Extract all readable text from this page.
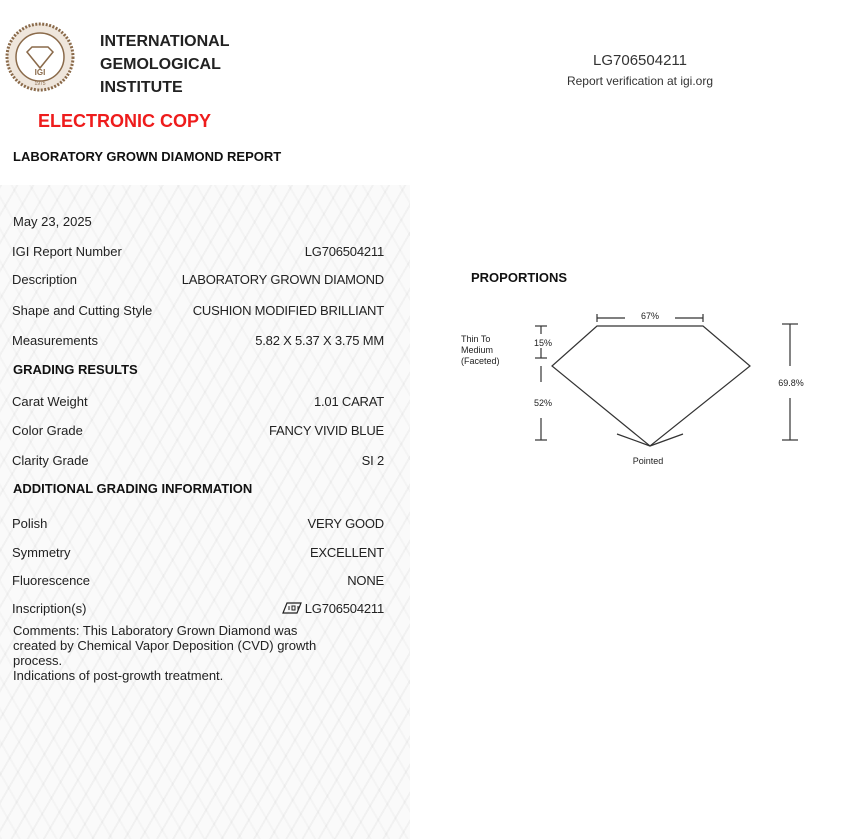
IGI
1975
INTERNATIONAL
GEMOLOGICAL
INSTITUTE
ELECTRONIC COPY
LABORATORY GROWN DIAMOND REPORT
LG706504211
Report verification at igi.org
May 23, 2025
IGI Report Number	LG706504211
Description	LABORATORY GROWN DIAMOND
Shape and Cutting Style	CUSHION MODIFIED BRILLIANT
Measurements	5.82 X 5.37 X 3.75 MM
GRADING RESULTS
Carat Weight	1.01 CARAT
Color Grade	FANCY VIVID BLUE
Clarity Grade	SI 2
ADDITIONAL GRADING INFORMATION
Polish	VERY GOOD
Symmetry	EXCELLENT
Fluorescence	NONE
Inscription(s)	LG706504211
Comments: This Laboratory Grown Diamond was
created by Chemical Vapor Deposition (CVD) growth
process.
Indications of post-growth treatment.
PROPORTIONS
67%
15%
52%
69.8%
Thin To
Medium
(Faceted)
Pointed
